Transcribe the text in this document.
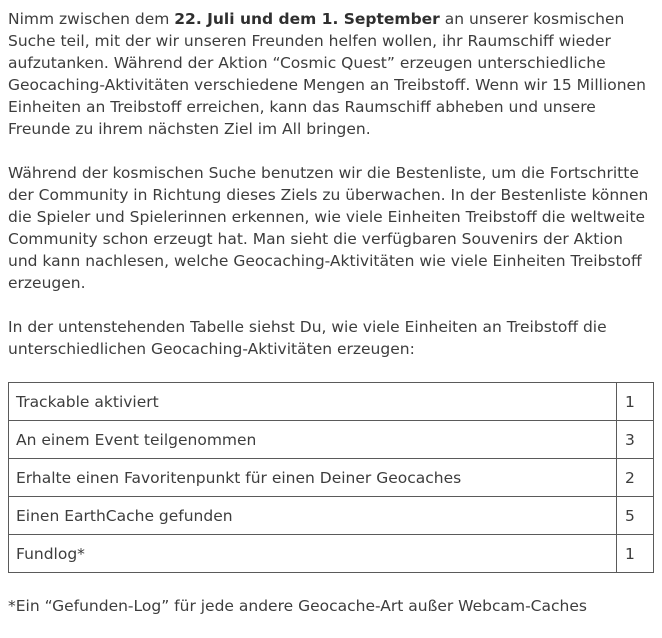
Nimm zwischen dem 22. Juli und dem 1. September an unserer kosmischen Suche teil, mit der wir unseren Freunden helfen wollen, ihr Raumschiff wieder aufzutanken. Während der Aktion “Cosmic Quest” erzeugen unterschiedliche Geocaching-Aktivitäten verschiedene Mengen an Treibstoff. Wenn wir 15 Millionen Einheiten an Treibstoff erreichen, kann das Raumschiff abheben und unsere Freunde zu ihrem nächsten Ziel im All bringen.

Während der kosmischen Suche benutzen wir die Bestenliste, um die Fortschritte der Community in Richtung dieses Ziels zu überwachen. In der Bestenliste können die Spieler und Spielerinnen erkennen, wie viele Einheiten Treibstoff die weltweite Community schon erzeugt hat. Man sieht die verfügbaren Souvenirs der Aktion und kann nachlesen, welche Geocaching-Aktivitäten wie viele Einheiten Treibstoff erzeugen.

In der untenstehenden Tabelle siehst Du, wie viele Einheiten an Treibstoff die unterschiedlichen Geocaching-Aktivitäten erzeugen:

Trackable aktiviert	1
An einem Event teilgenommen	3
Erhalte einen Favoritenpunkt für einen Deiner Geocaches	2
Einen EarthCache gefunden	5
Fundlog*	1

*Ein “Gefunden-Log” für jede andere Geocache-Art außer Webcam-Caches
